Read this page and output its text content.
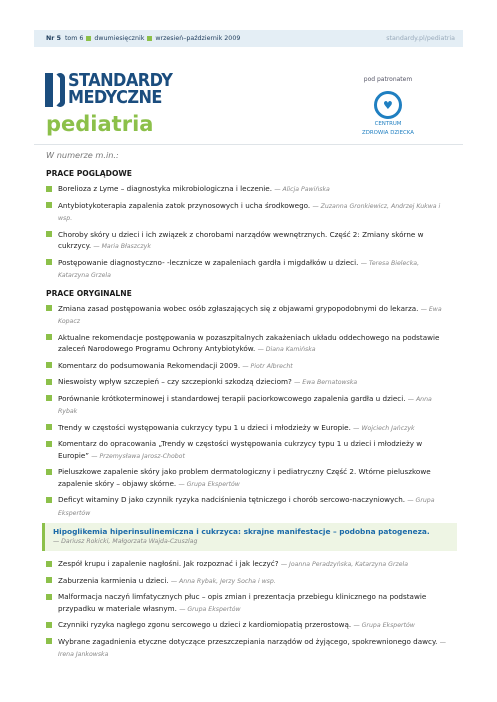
Nr 5 tom 6 dwumiesięcznik wrzesień–październik 2009	standardy.pl/pediatria
STANDARDY
MEDYCZNE
pediatria
pod patronatem
♥
CENTRUM
ZDROWIA DZIECKA
W numerze m.in.:
PRACE POGLĄDOWE
Borelioza z Lyme – diagnostyka mikrobiologiczna i leczenie. — Alicja Pawińska
Antybiotykoterapia zapalenia zatok przynosowych i ucha środkowego. — Zuzanna Gronkiewicz, Andrzej Kukwa i wsp.
Choroby skóry u dzieci i ich związek z chorobami narządów wewnętrznych. Część 2: Zmiany skórne w cukrzycy. — Maria Błaszczyk
Postępowanie diagnostyczno- -lecznicze w zapaleniach gardła i migdałków u dzieci. — Teresa Bielecka, Katarzyna Grzela
PRACE ORYGINALNE
Zmiana zasad postępowania wobec osób zgłaszających się z objawami grypopodobnymi do lekarza. — Ewa Kopacz
Aktualne rekomendacje postępowania w pozaszpitalnych zakażeniach układu oddechowego na podstawie zaleceń Narodowego Programu Ochrony Antybiotyków. — Diana Kamińska
Komentarz do podsumowania Rekomendacji 2009. — Piotr Albrecht
Nieswoisty wpływ szczepień – czy szczepionki szkodzą dzieciom? — Ewa Bernatowska
Porównanie krótkoterminowej i standardowej terapii paciorkowcowego zapalenia gardła u dzieci. — Anna Rybak
Trendy w częstości występowania cukrzycy typu 1 u dzieci i młodzieży w Europie. — Wojciech Jańczyk
Komentarz do opracowania „Trendy w częstości występowania cukrzycy typu 1 u dzieci i młodzieży w Europie” — Przemysława Jarosz-Chobot
Pieluszkowe zapalenie skóry jako problem dermatologiczny i pediatryczny Część 2. Wtórne pieluszkowe zapalenie skóry – objawy skórne. — Grupa Ekspertów
Deficyt witaminy D jako czynnik ryzyka nadciśnienia tętniczego i chorób sercowo-naczyniowych. — Grupa Ekspertów
Hipoglikemia hiperinsulinemiczna i cukrzyca: skrajne manifestacje – podobna patogeneza.
— Dariusz Rokicki, Małgorzata Wajda-Czuszlag
Zespół krupu i zapalenie nagłośni. Jak rozpoznać i jak leczyć? — Joanna Peradzyńska, Katarzyna Grzela
Zaburzenia karmienia u dzieci. — Anna Rybak, Jerzy Socha i wsp.
Malformacja naczyń limfatycznych płuc – opis zmian i prezentacja przebiegu klinicznego na podstawie przypadku w materiale własnym. — Grupa Ekspertów
Czynniki ryzyka nagłego zgonu sercowego u dzieci z kardiomiopatią przerostową. — Grupa Ekspertów
Wybrane zagadnienia etyczne dotyczące przeszczepiania narządów od żyjącego, spokrewnionego dawcy. — Irena Jankowska
